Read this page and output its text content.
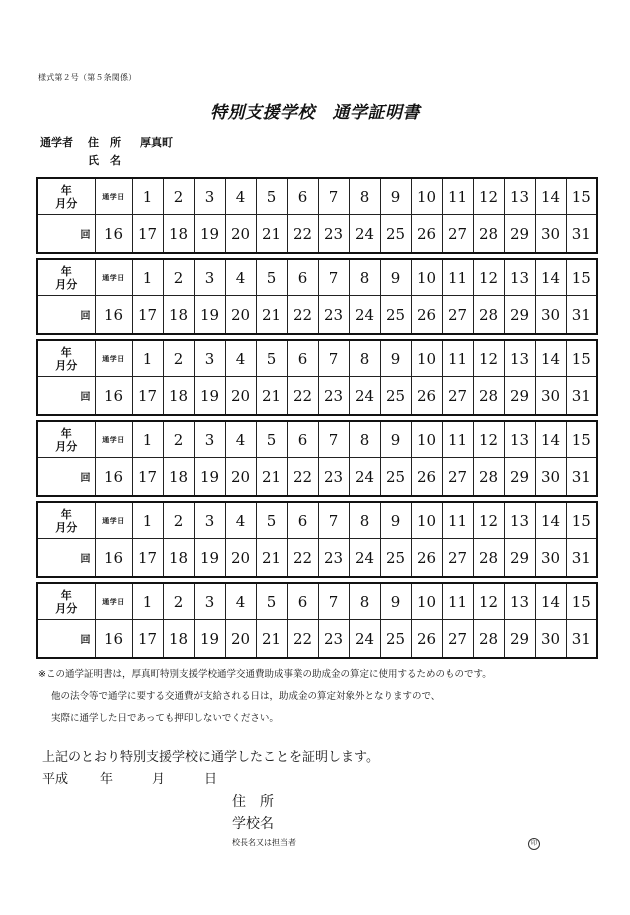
様式第２号（第５条関係）
特別支援学校　通学証明書
通学者 住　所 厚真町
氏　名
年
月分	通学日	1	2	3	4	5	6	7	8	9	10	11	12	13	14	15
回	16	17	18	19	20	21	22	23	24	25	26	27	28	29	30	31
年
月分	通学日	1	2	3	4	5	6	7	8	9	10	11	12	13	14	15
回	16	17	18	19	20	21	22	23	24	25	26	27	28	29	30	31
年
月分	通学日	1	2	3	4	5	6	7	8	9	10	11	12	13	14	15
回	16	17	18	19	20	21	22	23	24	25	26	27	28	29	30	31
年
月分	通学日	1	2	3	4	5	6	7	8	9	10	11	12	13	14	15
回	16	17	18	19	20	21	22	23	24	25	26	27	28	29	30	31
年
月分	通学日	1	2	3	4	5	6	7	8	9	10	11	12	13	14	15
回	16	17	18	19	20	21	22	23	24	25	26	27	28	29	30	31
年
月分	通学日	1	2	3	4	5	6	7	8	9	10	11	12	13	14	15
回	16	17	18	19	20	21	22	23	24	25	26	27	28	29	30	31
※この通学証明書は，厚真町特別支援学校通学交通費助成事業の助成金の算定に使用するためのものです。
他の法令等で通学に要する交通費が支給される日は，助成金の算定対象外となりますので、
実際に通学した日であっても押印しないでください。
上記のとおり特別支援学校に通学したことを証明します。
平成 年	月	日
住　所
学校名
校長名又は担当者	印
